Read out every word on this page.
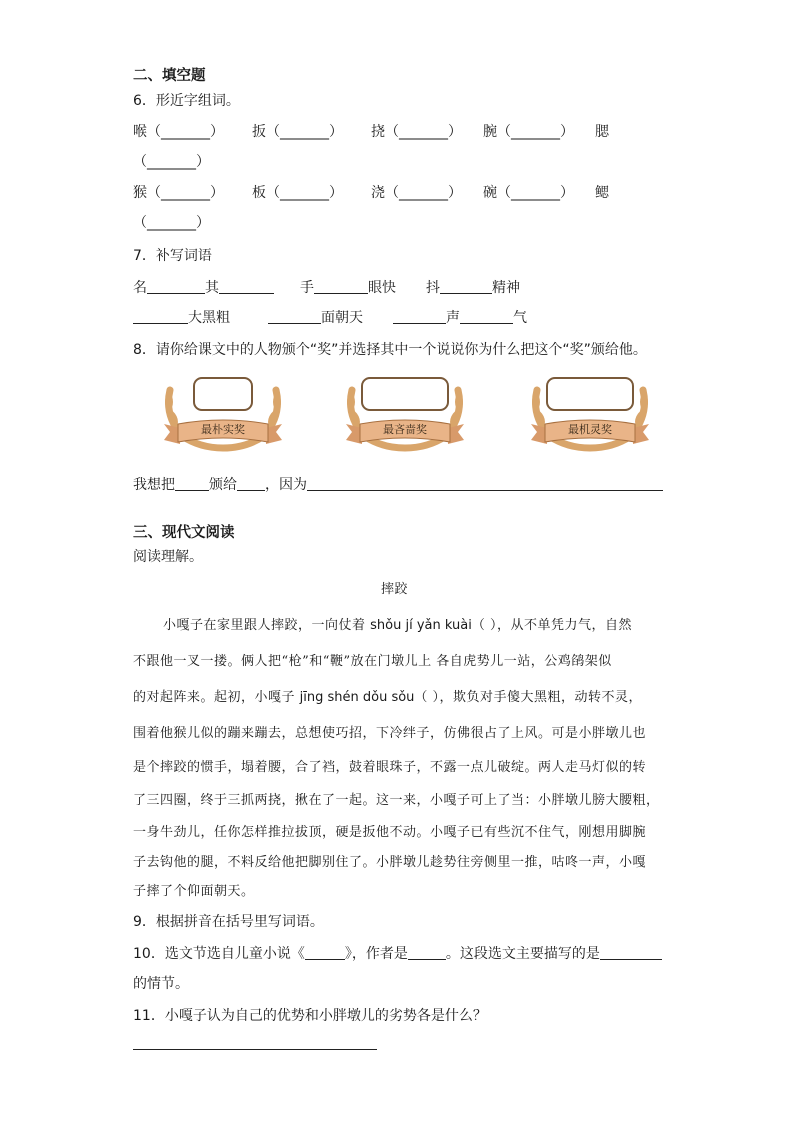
二、填空题
6．形近字组词。
喉（_______） 扳（_______） 挠（_______） 腕（_______） 腮
（_______）
猴（_______） 板（_______） 浇（_______） 碗（_______） 鳃
（_______）
7．补写词语
名	其	手	眼快 抖	精神
大黑粗	面朝天	声	气
8．请你给课文中的人物颁个“奖”并选择其中一个说说你为什么把这个“奖”颁给他。
最朴实奖	最吝啬奖	最机灵奖
我想把 颁给 ，因为
三、现代文阅读
阅读理解。
摔跤
小嘎子在家里跟人摔跤，一向仗着 shǒu jí yǎn kuài（ ），从不单凭力气，自然
不跟他一叉一搂。俩人把“枪”和“鞭”放在门墩儿上 各自虎势儿一站，公鸡鹐架似
的对起阵来。起初，小嘎子 jīng shén dǒu sǒu（ ），欺负对手傻大黑粗，动转不灵，
围着他猴儿似的蹦来蹦去，总想使巧招，下冷绊子，仿佛很占了上风。可是小胖墩儿也
是个摔跤的惯手，塌着腰，合了裆，鼓着眼珠子，不露一点儿破绽。两人走马灯似的转
了三四圈，终于三抓两挠，揪在了一起。这一来，小嘎子可上了当：小胖墩儿膀大腰粗，
一身牛劲儿，任你怎样推拉拔顶，硬是扳他不动。小嘎子已有些沉不住气，刚想用脚腕
子去钩他的腿，不料反给他把脚别住了。小胖墩儿趁势往旁侧里一推，咕咚一声，小嘎
子摔了个仰面朝天。
9．根据拼音在括号里写词语。
10．选文节选自儿童小说《	》，作者是	。这段选文主要描写的是
的情节。
11．小嘎子认为自己的优势和小胖墩儿的劣势各是什么？
